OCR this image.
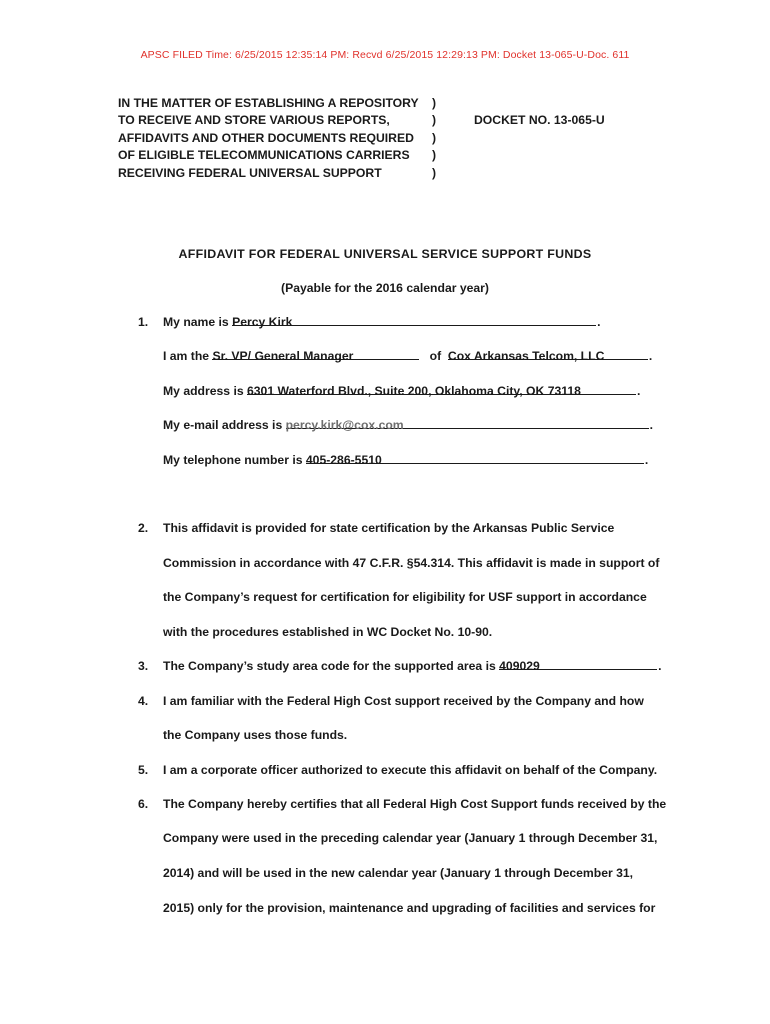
APSC FILED Time: 6/25/2015 12:35:14 PM: Recvd 6/25/2015 12:29:13 PM: Docket 13-065-U-Doc. 611
IN THE MATTER OF ESTABLISHING A REPOSITORY	)
TO RECEIVE AND STORE VARIOUS REPORTS,	)	DOCKET NO. 13-065-U
AFFIDAVITS AND OTHER DOCUMENTS REQUIRED	)
OF ELIGIBLE TELECOMMUNICATIONS CARRIERS	)
RECEIVING FEDERAL UNIVERSAL SUPPORT	)
AFFIDAVIT FOR FEDERAL UNIVERSAL SERVICE SUPPORT FUNDS
(Payable for the 2016 calendar year)
1. My name is Percy Kirk	.
I am the Sr. VP/ General Manager	of Cox Arkansas Telcom, LLC	.
My address is 6301 Waterford Blvd., Suite 200, Oklahoma City, OK 73118	.
My e-mail address is percy.kirk@cox.com	.
My telephone number is 405-286-5510	.
2. This affidavit is provided for state certification by the Arkansas Public Service
Commission in accordance with 47 C.F.R. §54.314. This affidavit is made in support of
the Company’s request for certification for eligibility for USF support in accordance
with the procedures established in WC Docket No. 10-90.
3. The Company’s study area code for the supported area is 409029	.
4. I am familiar with the Federal High Cost support received by the Company and how
the Company uses those funds.
5. I am a corporate officer authorized to execute this affidavit on behalf of the Company.
6. The Company hereby certifies that all Federal High Cost Support funds received by the
Company were used in the preceding calendar year (January 1 through December 31,
2014) and will be used in the new calendar year (January 1 through December 31,
2015) only for the provision, maintenance and upgrading of facilities and services for
